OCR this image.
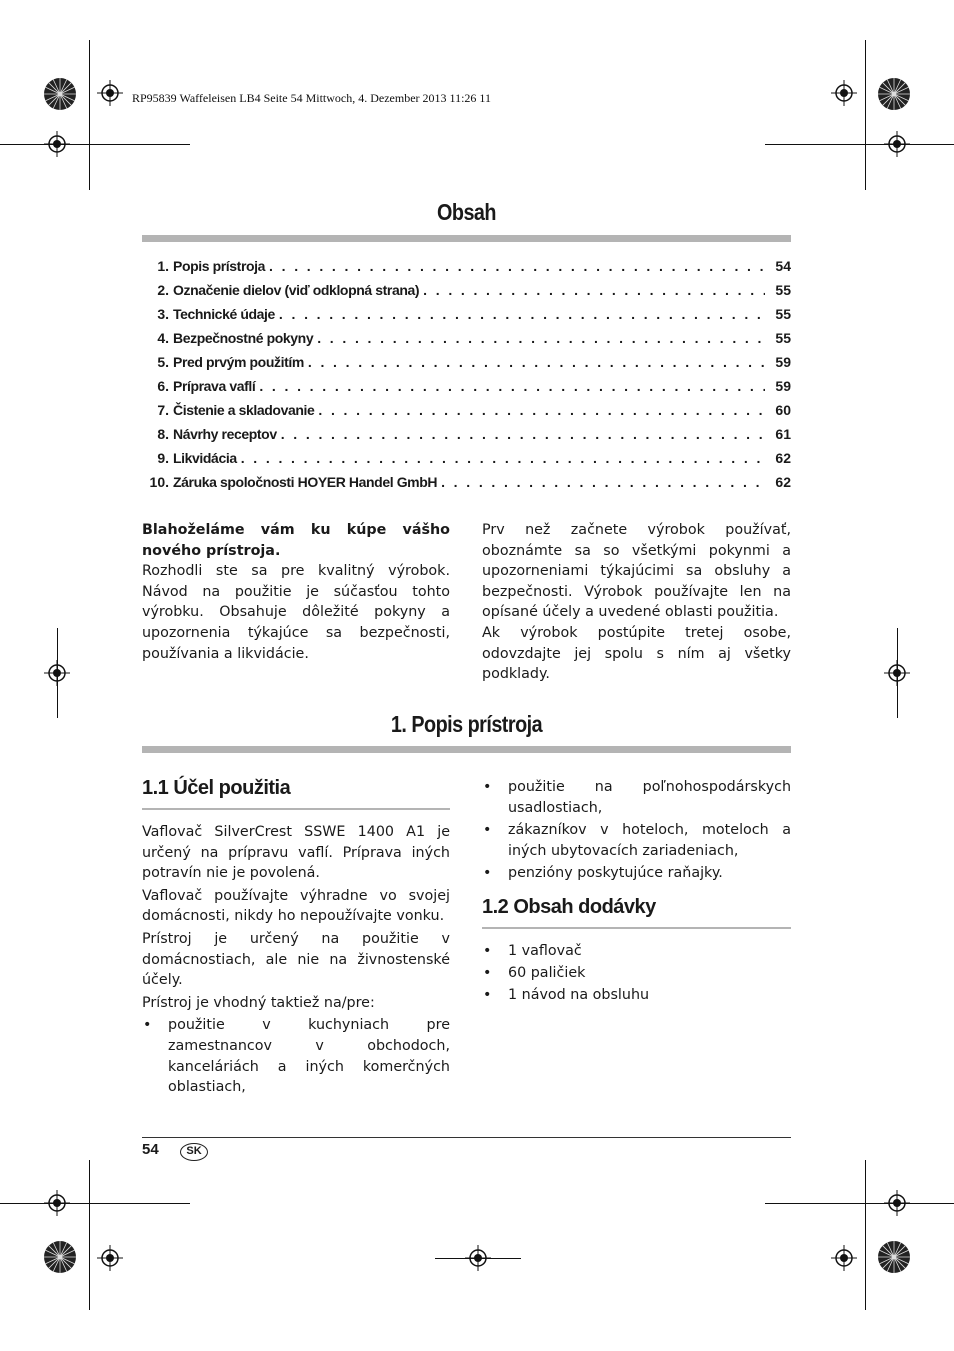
RP95839 Waffeleisen LB4 Seite 54 Mittwoch, 4. Dezember 2013 11:26 11
Obsah
1. Popis prístroja . . .	54
2. Označenie dielov (viď odklopná strana) . . .	55
3. Technické údaje . . .	55
4. Bezpečnostné pokyny . . .	55
5. Pred prvým použitím . . .	59
6. Príprava vaflí . . .	59
7. Čistenie a skladovanie . . .	60
8. Návrhy receptov . . .	61
9. Likvidácia . . .	62
10. Záruka spoločnosti HOYER Handel GmbH . . .	62

Blahoželáme vám ku kúpe vášho nového prístroja.

Rozhodli ste sa pre kvalitný výrobok. Návod na použitie je súčasťou tohto výrobku. Obsahuje dôležité pokyny a upozornenia týkajúce sa bezpečnosti, používania a likvidácie.

Prv než začnete výrobok používať, oboznámte sa so všetkými pokynmi a upozorneniami týkajúcimi sa obsluhy a bezpečnosti. Výrobok používajte len na opísané účely a uvedené oblasti použitia.

Ak výrobok postúpite tretej osobe, odovzdajte jej spolu s ním aj všetky podklady.

1. Popis prístroja
1.1 Účel použitia

Vaflovač SilverCrest SSWE 1400 A1 je určený na prípravu vaflí. Príprava iných potravín nie je povolená.

Vaflovač používajte výhradne vo svojej domácnosti, nikdy ho nepoužívajte vonku.

Prístroj je určený na použitie v domácnostiach, ale nie na živnostenské účely.

Prístroj je vhodný taktiež na/pre:

• použitie v kuchyniach pre zamestnancov v obchodoch, kanceláriách a iných komerčných oblastiach,
• použitie na poľnohospodárskych usadlostiach,
• zákazníkov v hoteloch, moteloch a iných ubytovacích zariadeniach,
• penzióny poskytujúce raňajky.
1.2 Obsah dodávky
• 1 vaflovač
• 60 paličiek
• 1 návod na obsluhu
54	SK
